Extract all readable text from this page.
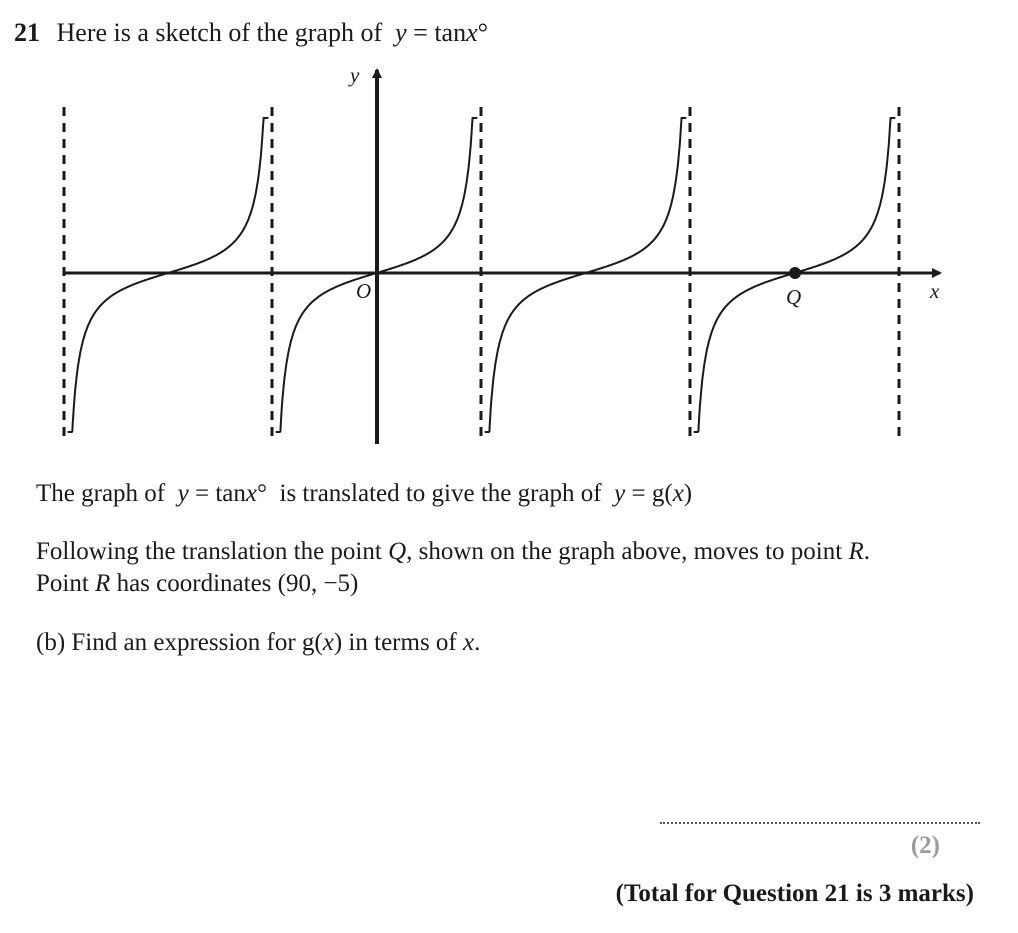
21 Here is a sketch of the graph of y = tanx°
y
x
O	Q
The graph of y = tanx° is translated to give the graph of y = g(x)
Following the translation the point Q, shown on the graph above, moves to point R.
Point R has coordinates (90, −5)
(b) Find an expression for g(x) in terms of x.
(2)
(Total for Question 21 is 3 marks)
